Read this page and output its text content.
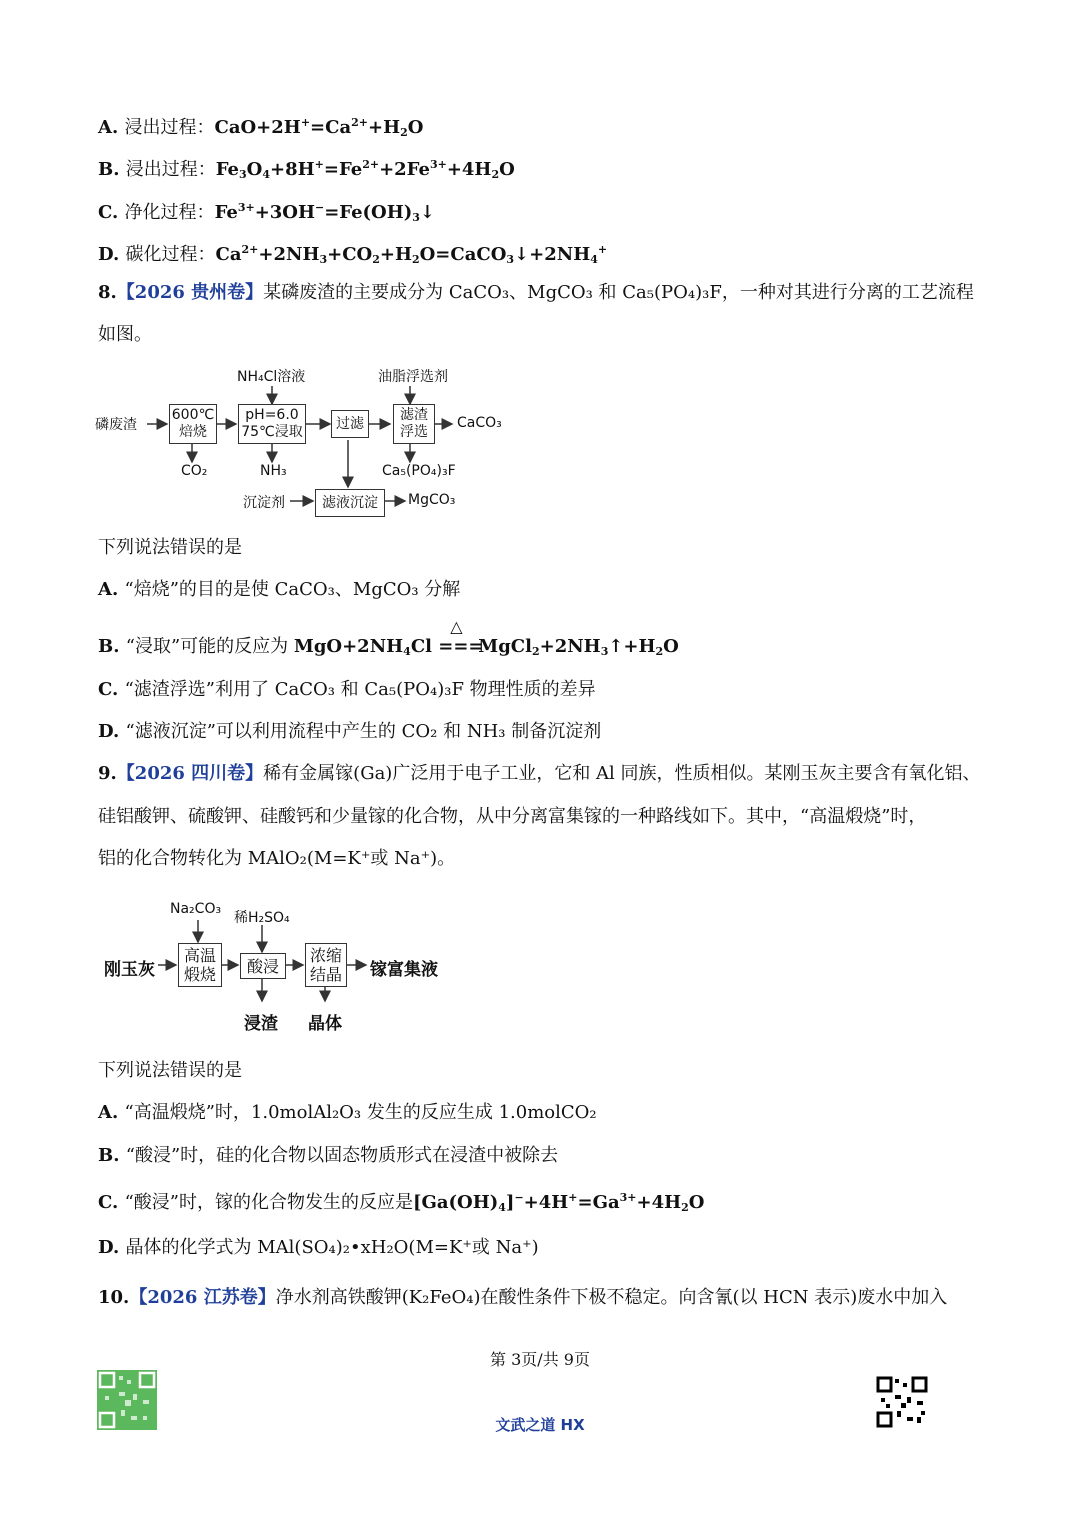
A. 浸出过程：$CaO+2H^+=Ca^{2+}+H_2O$
B. 浸出过程：$Fe_3O_4+8H^+=Fe^{2+}+2Fe^{3+}+4H_2O$
C. 净化过程：$Fe^{3+}+3OH^-=Fe(OH)_3↓$
D. 碳化过程：$Ca^{2+}+2NH_3+CO_2+H_2O=CaCO_3↓+2NH_4^+$
8.【2026 贵州卷】某磷废渣的主要成分为 CaCO₃、MgCO₃ 和 Ca₅(PO₄)₃F，一种对其进行分离的工艺流程
如图。
磷废渣
600℃
焙烧
NH₄Cl溶液
pH=6.0
75℃浸取
过滤
油脂浮选剂
滤渣
浮选
CaCO₃
CO₂	NH₃	Ca₅(PO₄)₃F
沉淀剂	滤液沉淀 MgCO₃
下列说法错误的是
A. “焙烧”的目的是使 CaCO₃、MgCO₃ 分解
B. “浸取”可能的反应为 $MgO+2NH_4Cl$
△
$===MgCl_2+2NH_3↑+H_2O$
C. “滤渣浮选”利用了 CaCO₃ 和 Ca₅(PO₄)₃F 物理性质的差异
D. “滤液沉淀”可以利用流程中产生的 CO₂ 和 NH₃ 制备沉淀剂
9.【2026 四川卷】稀有金属镓(Ga)广泛用于电子工业，它和 Al 同族，性质相似。某刚玉灰主要含有氧化铝、
硅铝酸钾、硫酸钾、硅酸钙和少量镓的化合物，从中分离富集镓的一种路线如下。其中，“高温煅烧”时，
铝的化合物转化为 MAlO₂(M=K⁺或 Na⁺)。
刚玉灰
Na₂CO₃
高温
煅烧
稀H₂SO₄
酸浸
浓缩
结晶 镓富集液
浸渣 晶体
下列说法错误的是
A. “高温煅烧”时，1.0molAl₂O₃ 发生的反应生成 1.0molCO₂
B. “酸浸”时，硅的化合物以固态物质形式在浸渣中被除去
C. “酸浸”时，镓的化合物发生的反应是$[Ga(OH)_4]^-+4H^+=Ga^{3+}+4H_2O$
D. 晶体的化学式为 MAl(SO₄)₂•xH₂O(M=K⁺或 Na⁺)
10.【2026 江苏卷】净水剂高铁酸钾(K₂FeO₄)在酸性条件下极不稳定。向含氰(以 HCN 表示)废水中加入
第 3页/共 9页
文武之道 HX
